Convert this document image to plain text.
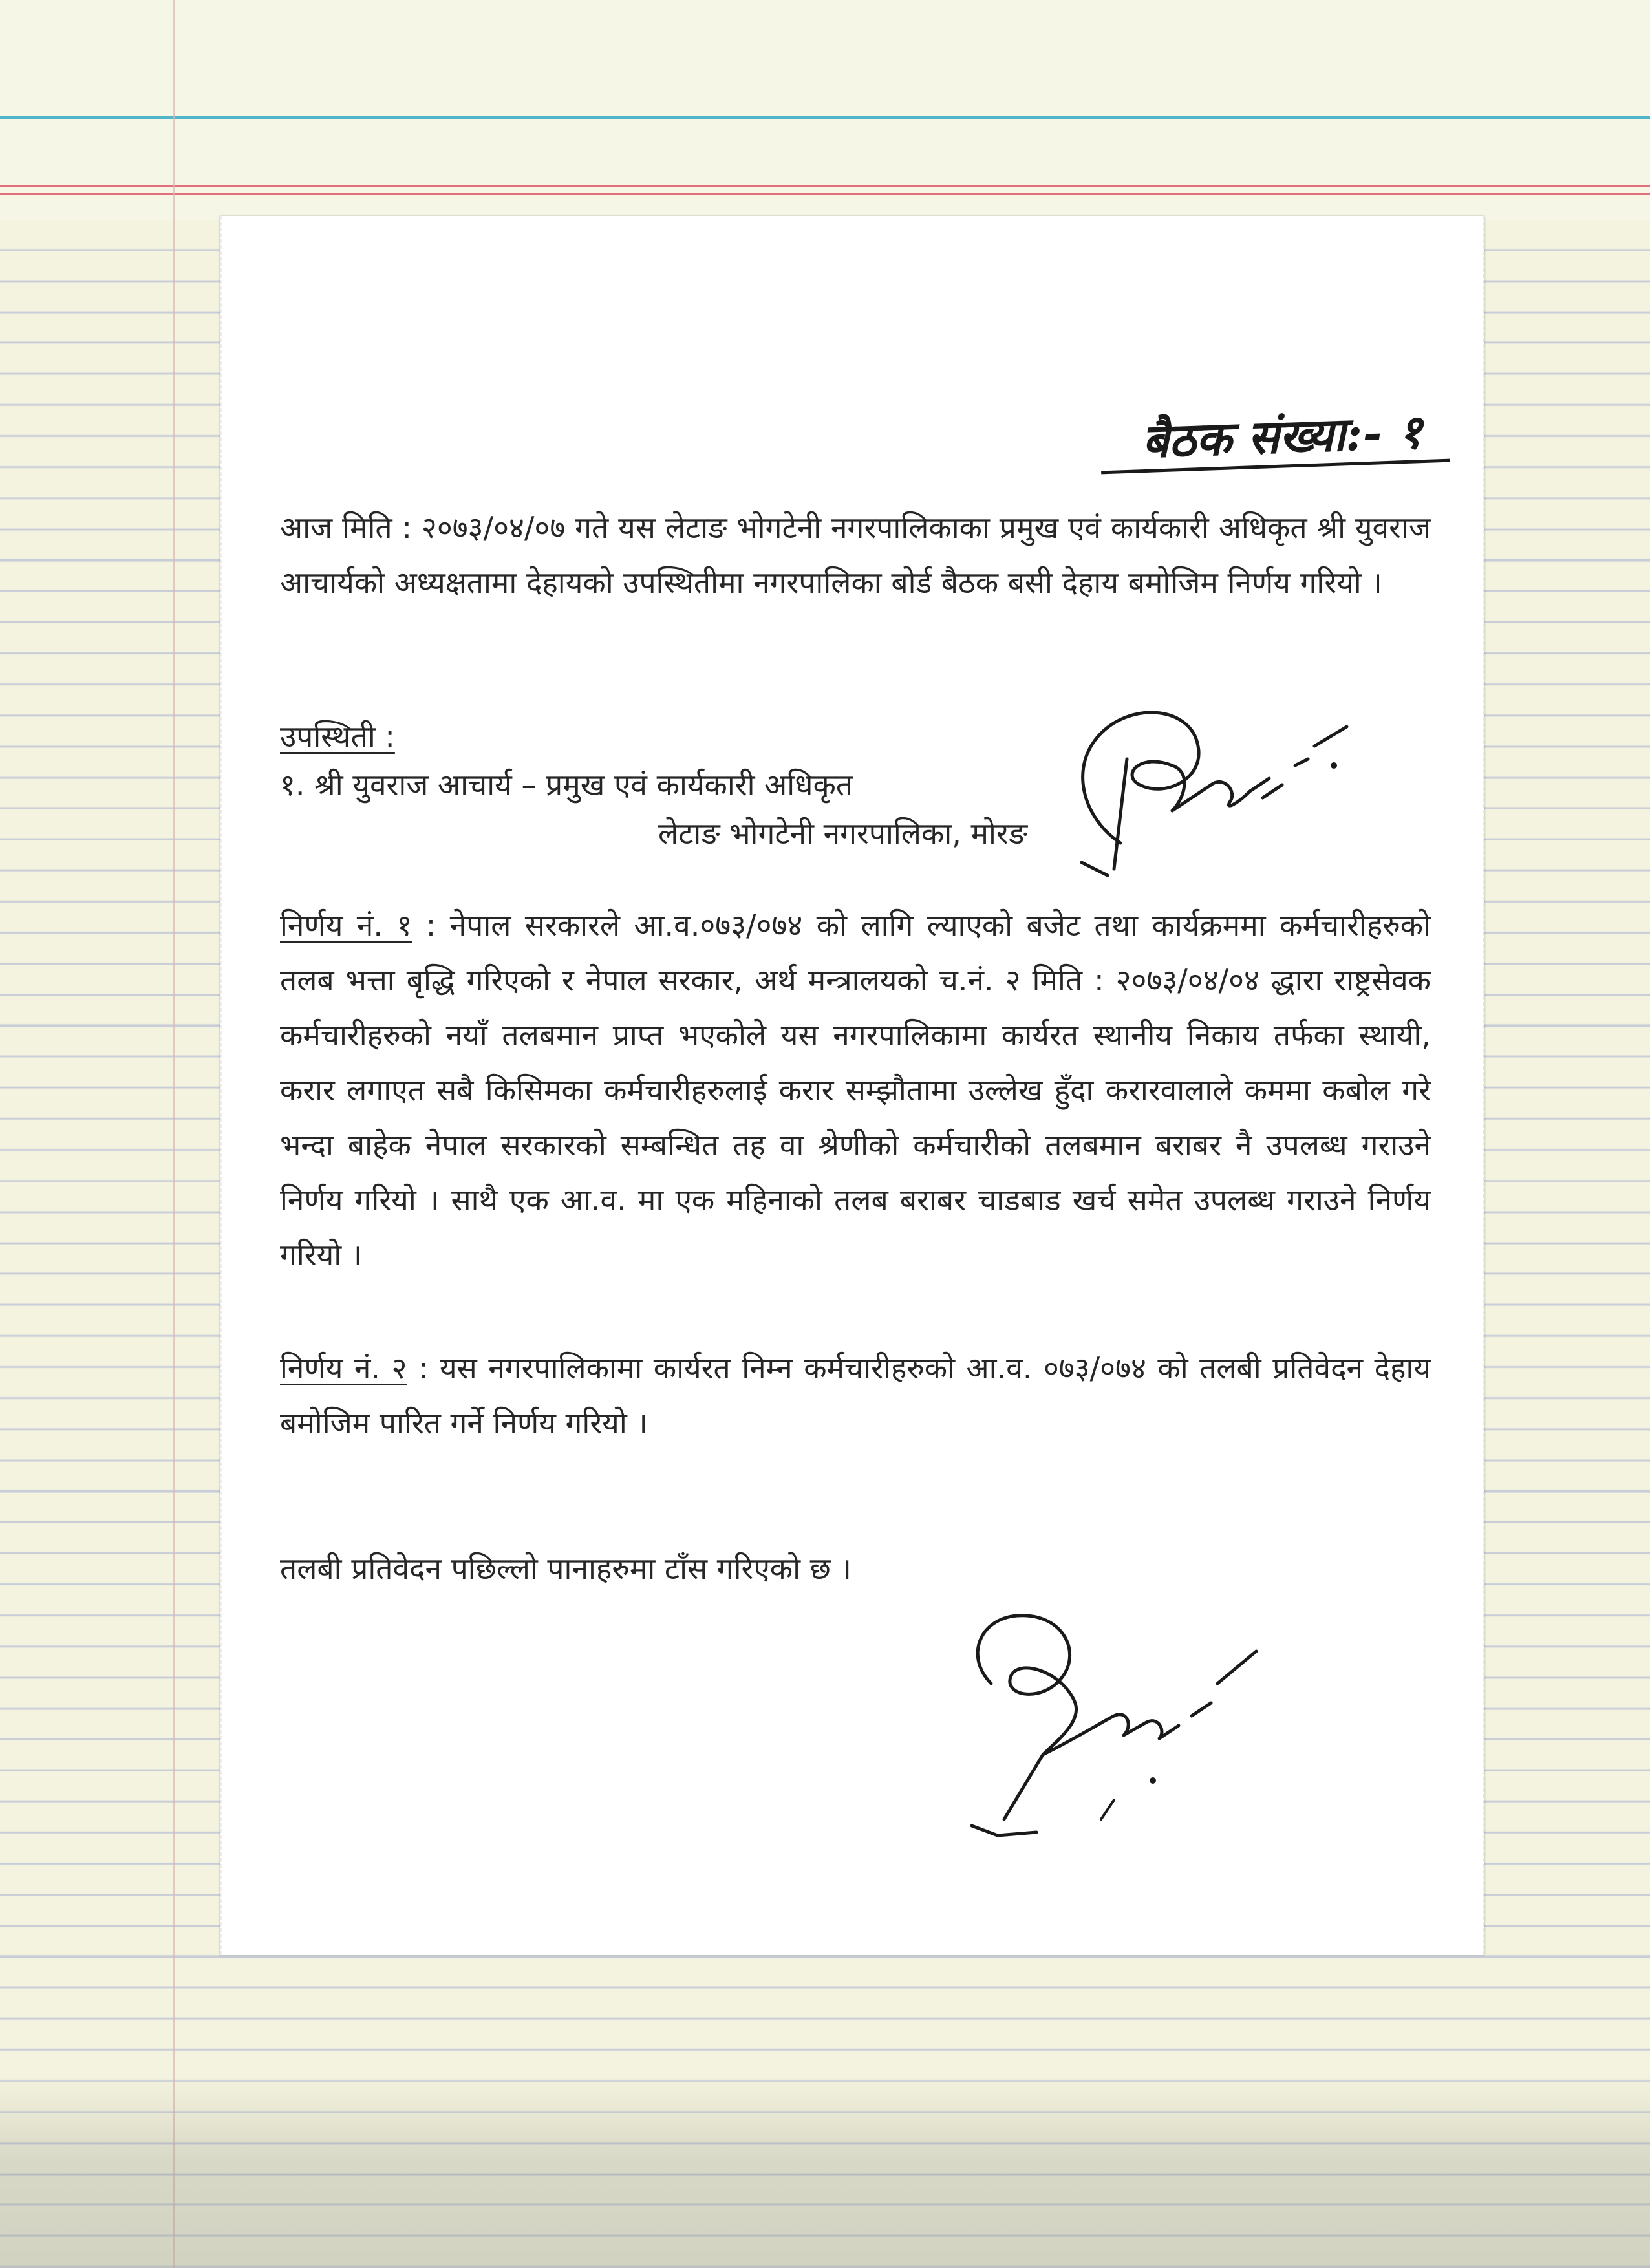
बैठक संख्या:- १

आज मिति : २०७३/०४/०७ गते यस लेटाङ भोगटेनी नगरपालिकाका प्रमुख एवं कार्यकारी अधिकृत श्री युवराज आचार्यको अध्यक्षतामा देहायको उपस्थितीमा नगरपालिका बोर्ड बैठक बसी देहाय बमोजिम निर्णय गरियो ।

उपस्थिती :
१. श्री युवराज आचार्य – प्रमुख एवं कार्यकारी अधिकृत
लेटाङ भोगटेनी नगरपालिका, मोरङ

निर्णय नं. १ : नेपाल सरकारले आ.व.०७३/०७४ को लागि ल्याएको बजेट तथा कार्यक्रममा कर्मचारीहरुको तलब भत्ता बृद्धि गरिएको र नेपाल सरकार, अर्थ मन्त्रालयको च.नं. २ मिति : २०७३/०४/०४ द्धारा राष्ट्रसेवक कर्मचारीहरुको नयाँ तलबमान प्राप्त भएकोले यस नगरपालिकामा कार्यरत स्थानीय निकाय तर्फका स्थायी, करार लगाएत सबै किसिमका कर्मचारीहरुलाई करार सम्झौतामा उल्लेख हुँदा करारवालाले कममा कबोल गरे भन्दा बाहेक नेपाल सरकारको सम्बन्धित तह वा श्रेणीको कर्मचारीको तलबमान बराबर नै उपलब्ध गराउने निर्णय गरियो । साथै एक आ.व. मा एक महिनाको तलब बराबर चाडबाड खर्च समेत उपलब्ध गराउने निर्णय गरियो ।

निर्णय नं. २ : यस नगरपालिकामा कार्यरत निम्न कर्मचारीहरुको आ.व. ०७३/०७४ को तलबी प्रतिवेदन देहाय बमोजिम पारित गर्ने निर्णय गरियो ।

तलबी प्रतिवेदन पछिल्लो पानाहरुमा टाँस गरिएको छ ।
